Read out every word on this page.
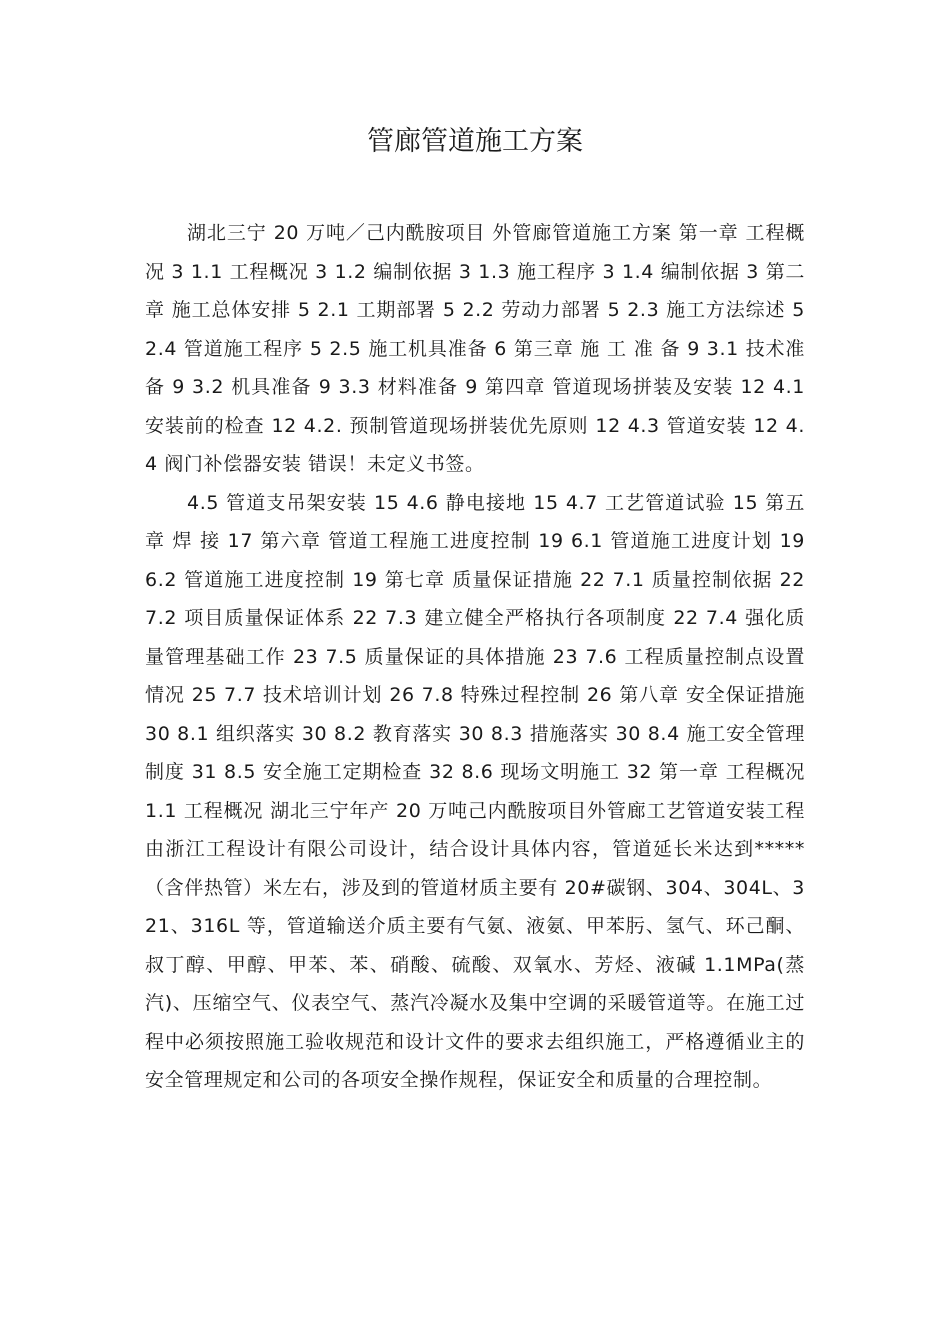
管廊管道施工方案

湖北三宁 20 万吨／己内酰胺项目 外管廊管道施工方案 第一章 工程概况 3 1.1 工程概况 3 1.2 编制依据 3 1.3 施工程序 3 1.4 编制依据 3 第二章 施工总体安排 5 2.1 工期部署 5 2.2 劳动力部署 5 2.3 施工方法综述 5 2.4 管道施工程序 5 2.5 施工机具准备 6 第三章 施 工 准 备 9 3.1 技术准备 9 3.2 机具准备 9 3.3 材料准备 9 第四章 管道现场拼装及安装 12 4.1 安装前的检查 12 4.2. 预制管道现场拼装优先原则 12 4.3 管道安装 12 4.4 阀门补偿器安装 错误！未定义书签。

4.5 管道支吊架安装 15 4.6 静电接地 15 4.7 工艺管道试验 15 第五章 焊 接 17 第六章 管道工程施工进度控制 19 6.1 管道施工进度计划 19 6.2 管道施工进度控制 19 第七章 质量保证措施 22 7.1 质量控制依据 22 7.2 项目质量保证体系 22 7.3 建立健全严格执行各项制度 22 7.4 强化质量管理基础工作 23 7.5 质量保证的具体措施 23 7.6 工程质量控制点设置情况 25 7.7 技术培训计划 26 7.8 特殊过程控制 26 第八章 安全保证措施 30 8.1 组织落实 30 8.2 教育落实 30 8.3 措施落实 30 8.4 施工安全管理制度 31 8.5 安全施工定期检查 32 8.6 现场文明施工 32 第一章 工程概况 1.1 工程概况 湖北三宁年产 20 万吨己内酰胺项目外管廊工艺管道安装工程由浙江工程设计有限公司设计，结合设计具体内容，管道延长米达到*****（含伴热管）米左右，涉及到的管道材质主要有 20#碳钢、304、304L、321、316L 等，管道输送介质主要有气氨、液氨、甲苯肟、氢气、环己酮、叔丁醇、甲醇、甲苯、苯、硝酸、硫酸、双氧水、芳烃、液碱 1.1MPa(蒸汽)、压缩空气、仪表空气、蒸汽冷凝水及集中空调的采暖管道等。在施工过程中必须按照施工验收规范和设计文件的要求去组织施工，严格遵循业主的安全管理规定和公司的各项安全操作规程，保证安全和质量的合理控制。
